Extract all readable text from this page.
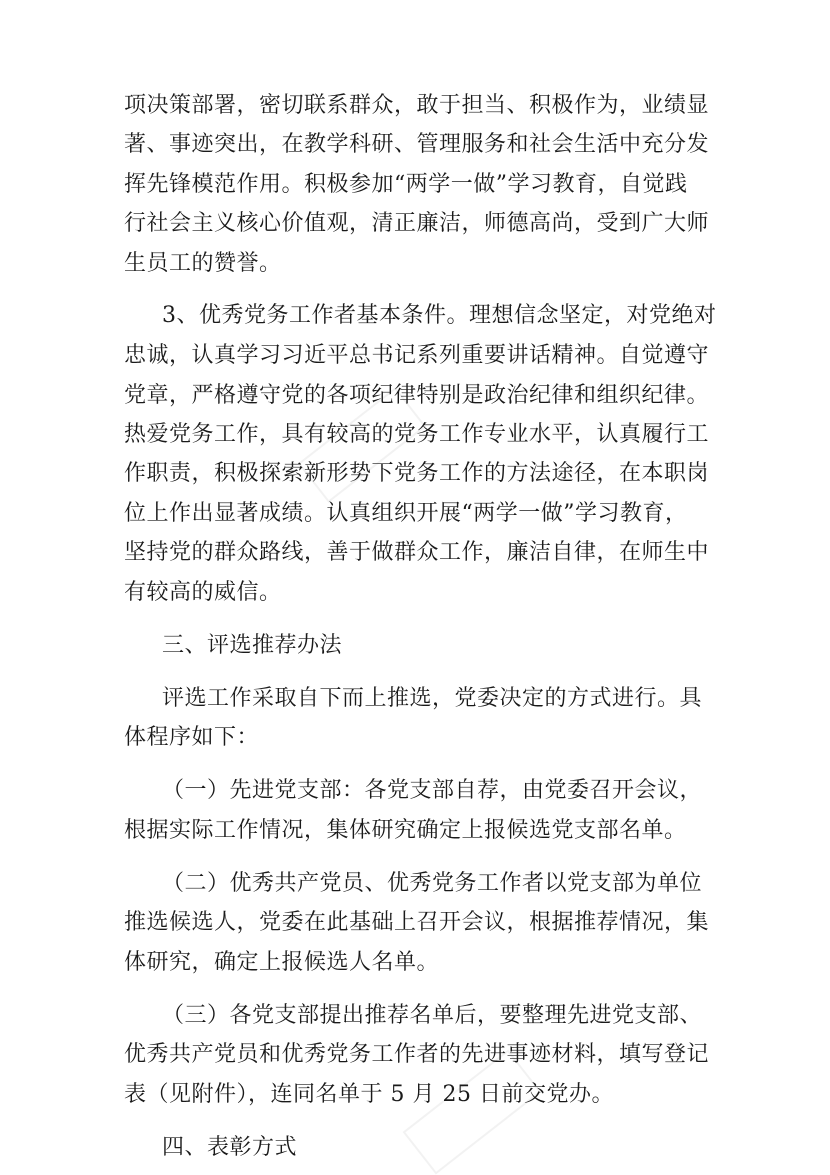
项决策部署，密切联系群众，敢于担当、积极作为，业绩显
著、事迹突出，在教学科研、管理服务和社会生活中充分发
挥先锋模范作用。积极参加“两学一做”学习教育，自觉践
行社会主义核心价值观，清正廉洁，师德高尚，受到广大师
生员工的赞誉。
3、优秀党务工作者基本条件。理想信念坚定，对党绝对
忠诚，认真学习习近平总书记系列重要讲话精神。自觉遵守
党章，严格遵守党的各项纪律特别是政治纪律和组织纪律。
热爱党务工作，具有较高的党务工作专业水平，认真履行工
作职责，积极探索新形势下党务工作的方法途径，在本职岗
位上作出显著成绩。认真组织开展“两学一做”学习教育，
坚持党的群众路线，善于做群众工作，廉洁自律，在师生中
有较高的威信。
三、评选推荐办法
评选工作采取自下而上推选，党委决定的方式进行。具
体程序如下：
（一）先进党支部：各党支部自荐，由党委召开会议，
根据实际工作情况，集体研究确定上报候选党支部名单。
（二）优秀共产党员、优秀党务工作者以党支部为单位
推选候选人，党委在此基础上召开会议，根据推荐情况，集
体研究，确定上报候选人名单。
（三）各党支部提出推荐名单后，要整理先进党支部、
优秀共产党员和优秀党务工作者的先进事迹材料，填写登记
表（见附件），连同名单于 5 月 25 日前交党办。
四、表彰方式
